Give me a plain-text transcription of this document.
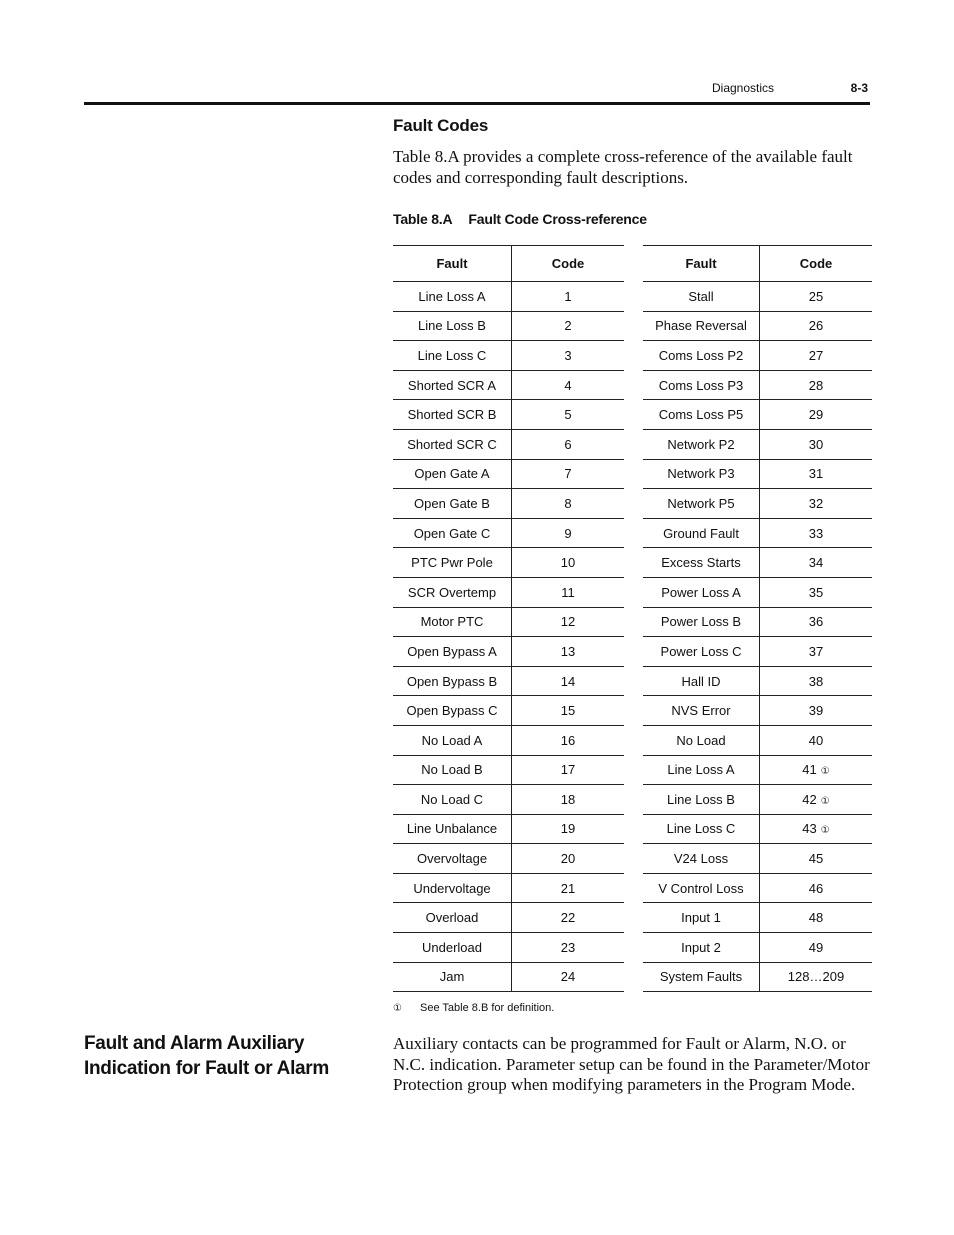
Diagnostics	8-3
Fault Codes
Table 8.A provides a complete cross-reference of the available fault codes and corresponding fault descriptions.
Table 8.A Fault Code Cross-reference
Fault	Code
Line Loss A	1
Line Loss B	2
Line Loss C	3
Shorted SCR A	4
Shorted SCR B	5
Shorted SCR C	6
Open Gate A	7
Open Gate B	8
Open Gate C	9
PTC Pwr Pole	10
SCR Overtemp	11
Motor PTC	12
Open Bypass A	13
Open Bypass B	14
Open Bypass C	15
No Load A	16
No Load B	17
No Load C	18
Line Unbalance	19
Overvoltage	20
Undervoltage	21
Overload	22
Underload	23
Jam	24
Fault	Code
Stall	25
Phase Reversal	26
Coms Loss P2	27
Coms Loss P3	28
Coms Loss P5	29
Network P2	30
Network P3	31
Network P5	32
Ground Fault	33
Excess Starts	34
Power Loss A	35
Power Loss B	36
Power Loss C	37
Hall ID	38
NVS Error	39
No Load	40
Line Loss A	41 ①
Line Loss B	42 ①
Line Loss C	43 ①
V24 Loss	45
V Control Loss	46
Input 1	48
Input 2	49
System Faults	128…209
① See Table 8.B for definition.
Fault and Alarm Auxiliary Indication for Fault or Alarm
Auxiliary contacts can be programmed for Fault or Alarm, N.O. or N.C. indication. Parameter setup can be found in the Parameter/Motor Protection group when modifying parameters in the Program Mode.
